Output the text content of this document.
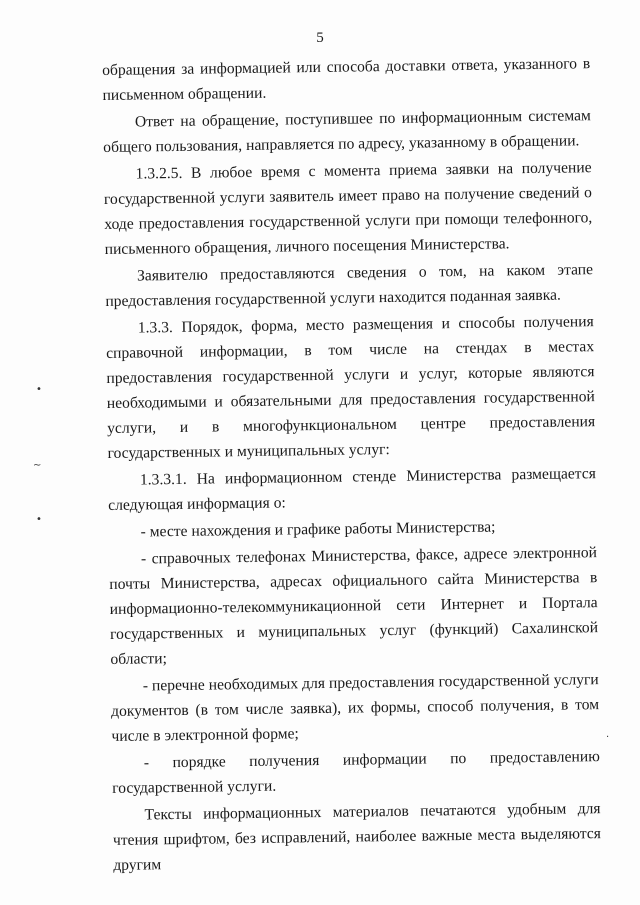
5
•
∼
•
·

обращения за информацией или способа доставки ответа, указанного в письменном обращении.

Ответ на обращение, поступившее по информационным системам общего пользования, направляется по адресу, указанному в обращении.

1.3.2.5. В любое время с момента приема заявки на получение государственной услуги заявитель имеет право на получение сведений о ходе предоставления государственной услуги при помощи телефонного, письменного обращения, личного посещения Министерства.

Заявителю предоставляются сведения о том, на каком этапе предоставления государственной услуги находится поданная заявка.

1.3.3. Порядок, форма, место размещения и способы получения справочной информации, в том числе на стендах в местах предоставления государственной услуги и услуг, которые являются необходимыми и обязательными для предоставления государственной услуги, и в многофункциональном центре предоставления государственных и муниципальных услуг:

1.3.3.1. На информационном стенде Министерства размещается следующая информация о:

- месте нахождения и графике работы Министерства;

- справочных телефонах Министерства, факсе, адресе электронной почты Министерства, адресах официального сайта Министерства в информационно-телекоммуникационной сети Интернет и Портала государственных и муниципальных услуг (функций) Сахалинской области;

- перечне необходимых для предоставления государственной услуги документов (в том числе заявка), их формы, способ получения, в том числе в электронной форме;

- порядке получения информации по предоставлению государственной услуги.

Тексты информационных материалов печатаются удобным для чтения шрифтом, без исправлений, наиболее важные места выделяются другим
